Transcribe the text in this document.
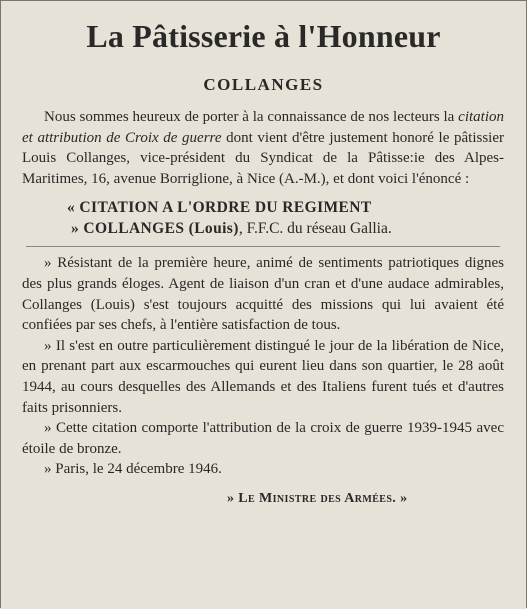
La Pâtisserie à l'Honneur
COLLANGES

Nous sommes heureux de porter à la connaissance de nos lecteurs la citation et attribution de Croix de guerre dont vient d'être justement honoré le pâtissier Louis Collanges, vice-président du Syndicat de la Pâtisse:ie des Alpes-Maritimes, 16, avenue Borriglione, à Nice (A.-M.), et dont voici l'énoncé :

« CITATION A L'ORDRE DU REGIMENT
» COLLANGES (Louis), F.F.C. du réseau Gallia.

» Résistant de la première heure, animé de sentiments patriotiques dignes des plus grands éloges. Agent de liaison d'un cran et d'une audace admirables, Collanges (Louis) s'est toujours acquitté des missions qui lui avaient été confiées par ses chefs, à l'entière satisfaction de tous.

» Il s'est en outre particulièrement distingué le jour de la libération de Nice, en prenant part aux escarmouches qui eurent lieu dans son quartier, le 28 août 1944, au cours desquelles des Allemands et des Italiens furent tués et d'autres faits prisonniers.

» Cette citation comporte l'attribution de la croix de guerre 1939-1945 avec étoile de bronze.

» Paris, le 24 décembre 1946.

» Le Ministre des Armées. »
